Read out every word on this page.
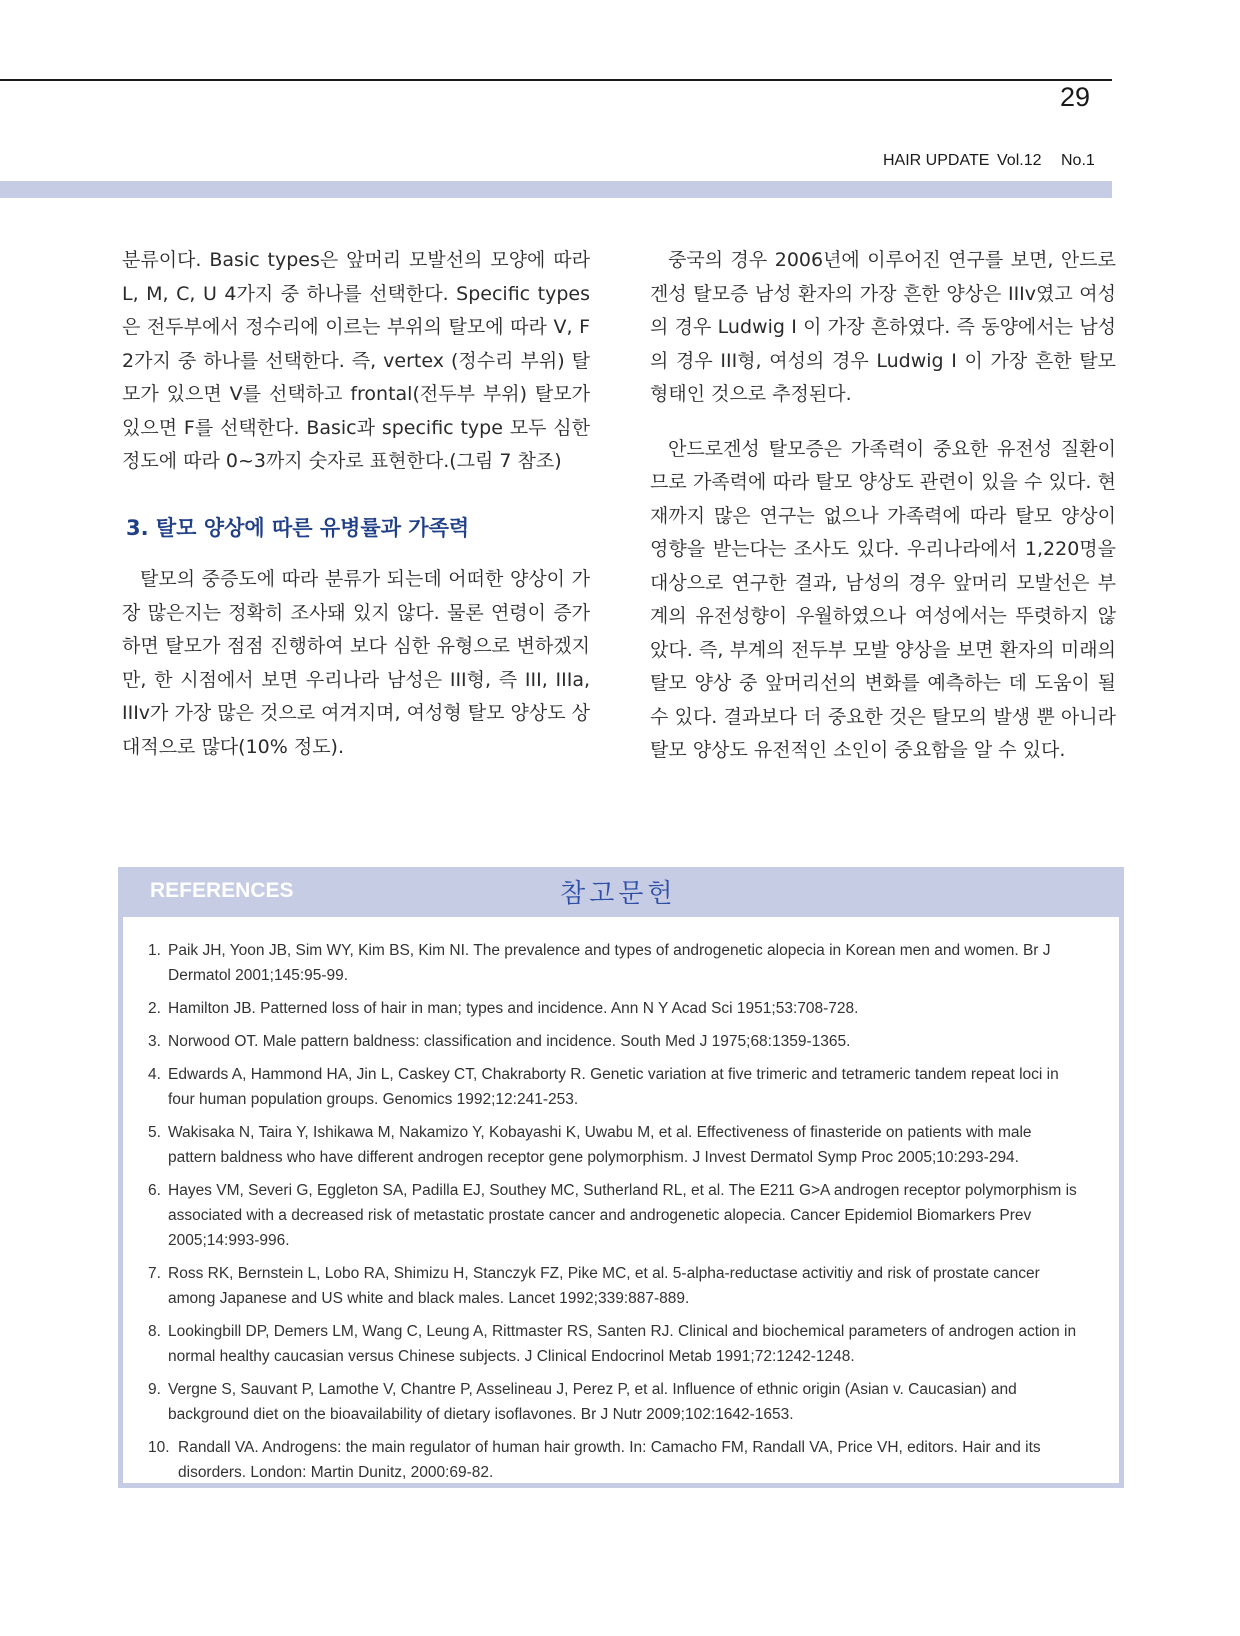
29
HAIR UPDATE Vol.12 No.1

분류이다. Basic types은 앞머리 모발선의 모양에 따라 L, M, C, U 4가지 중 하나를 선택한다. Specific types은 전두부에서 정수리에 이르는 부위의 탈모에 따라 V, F 2가지 중 하나를 선택한다. 즉, vertex (정수리 부위) 탈모가 있으면 V를 선택하고 frontal(전두부 부위) 탈모가 있으면 F를 선택한다. Basic과 specific type 모두 심한 정도에 따라 0~3까지 숫자로 표현한다.(그림 7 참조)

3. 탈모 양상에 따른 유병률과 가족력

탈모의 중증도에 따라 분류가 되는데 어떠한 양상이 가장 많은지는 정확히 조사돼 있지 않다. 물론 연령이 증가하면 탈모가 점점 진행하여 보다 심한 유형으로 변하겠지만, 한 시점에서 보면 우리나라 남성은 III형, 즉 III, IIIa, IIIv가 가장 많은 것으로 여겨지며, 여성형 탈모 양상도 상대적으로 많다(10% 정도).

중국의 경우 2006년에 이루어진 연구를 보면, 안드로겐성 탈모증 남성 환자의 가장 흔한 양상은 IIIv였고 여성의 경우 Ludwig I 이 가장 흔하였다. 즉 동양에서는 남성의 경우 III형, 여성의 경우 Ludwig I 이 가장 흔한 탈모 형태인 것으로 추정된다.

안드로겐성 탈모증은 가족력이 중요한 유전성 질환이므로 가족력에 따라 탈모 양상도 관련이 있을 수 있다. 현재까지 많은 연구는 없으나 가족력에 따라 탈모 양상이 영향을 받는다는 조사도 있다. 우리나라에서 1,220명을 대상으로 연구한 결과, 남성의 경우 앞머리 모발선은 부계의 유전성향이 우월하였으나 여성에서는 뚜렷하지 않았다. 즉, 부계의 전두부 모발 양상을 보면 환자의 미래의 탈모 양상 중 앞머리선의 변화를 예측하는 데 도움이 될 수 있다. 결과보다 더 중요한 것은 탈모의 발생 뿐 아니라 탈모 양상도 유전적인 소인이 중요함을 알 수 있다.

REFERENCES	참고문헌
1. Paik JH, Yoon JB, Sim WY, Kim BS, Kim NI. The prevalence and types of androgenetic alopecia in Korean men and women. Br J Dermatol 2001;145:95-99.
2. Hamilton JB. Patterned loss of hair in man; types and incidence. Ann N Y Acad Sci 1951;53:708-728.
3. Norwood OT. Male pattern baldness: classification and incidence. South Med J 1975;68:1359-1365.
4. Edwards A, Hammond HA, Jin L, Caskey CT, Chakraborty R. Genetic variation at five trimeric and tetrameric tandem repeat loci in four human population groups. Genomics 1992;12:241-253.
5. Wakisaka N, Taira Y, Ishikawa M, Nakamizo Y, Kobayashi K, Uwabu M, et al. Effectiveness of finasteride on patients with male pattern baldness who have different androgen receptor gene polymorphism. J Invest Dermatol Symp Proc 2005;10:293-294.
6. Hayes VM, Severi G, Eggleton SA, Padilla EJ, Southey MC, Sutherland RL, et al. The E211 G>A androgen receptor polymorphism is associated with a decreased risk of metastatic prostate cancer and androgenetic alopecia. Cancer Epidemiol Biomarkers Prev 2005;14:993-996.
7. Ross RK, Bernstein L, Lobo RA, Shimizu H, Stanczyk FZ, Pike MC, et al. 5-alpha-reductase activitiy and risk of prostate cancer among Japanese and US white and black males. Lancet 1992;339:887-889.
8. Lookingbill DP, Demers LM, Wang C, Leung A, Rittmaster RS, Santen RJ. Clinical and biochemical parameters of androgen action in normal healthy caucasian versus Chinese subjects. J Clinical Endocrinol Metab 1991;72:1242-1248.
9. Vergne S, Sauvant P, Lamothe V, Chantre P, Asselineau J, Perez P, et al. Influence of ethnic origin (Asian v. Caucasian) and background diet on the bioavailability of dietary isoflavones. Br J Nutr 2009;102:1642-1653.
10. Randall VA. Androgens: the main regulator of human hair growth. In: Camacho FM, Randall VA, Price VH, editors. Hair and its disorders. London: Martin Dunitz, 2000:69-82.
